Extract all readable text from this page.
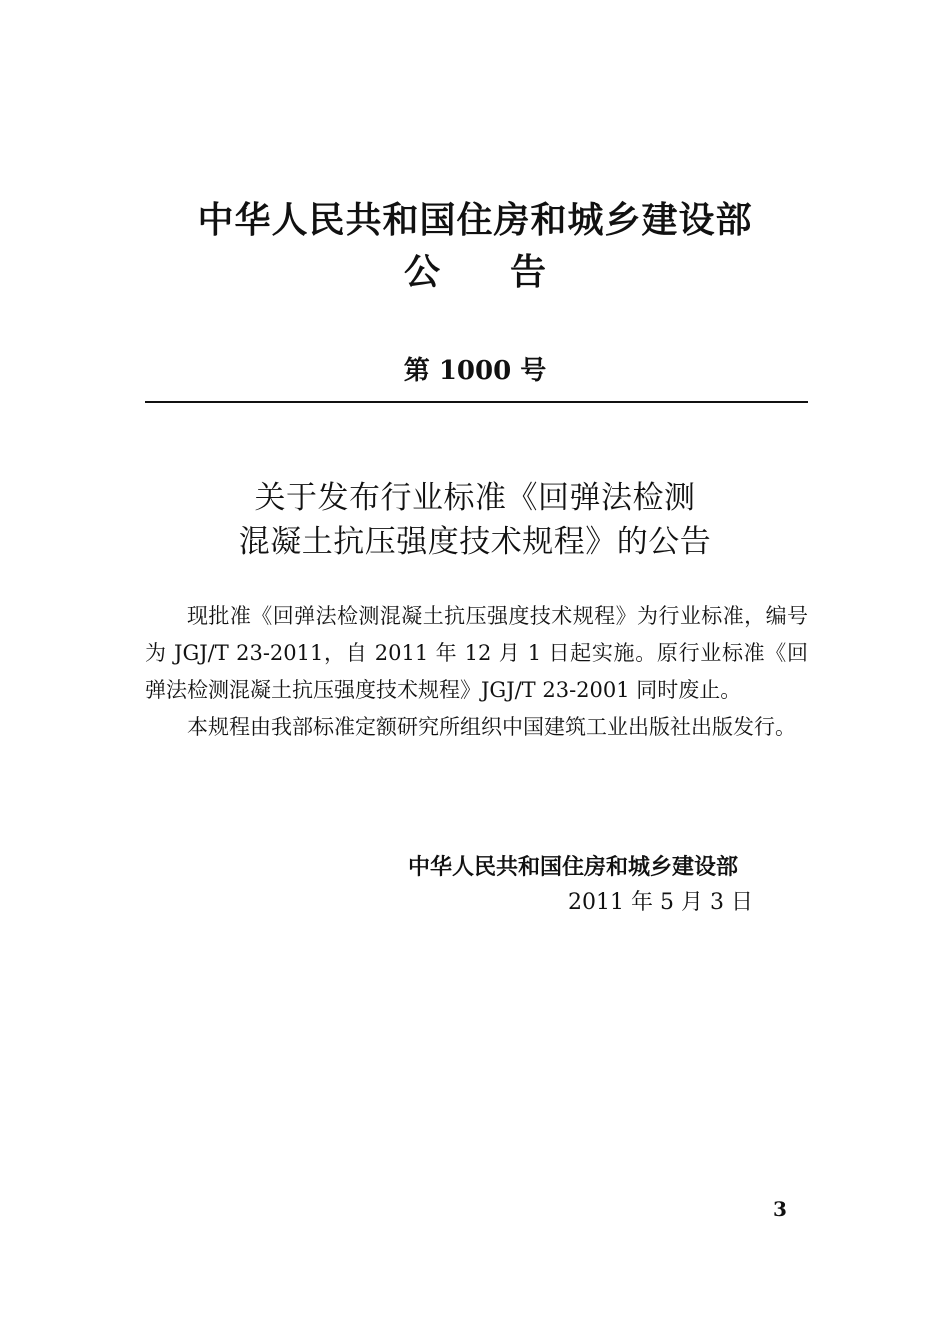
中华人民共和国住房和城乡建设部
公告
第 1000 号
关于发布行业标准《回弹法检测
混凝土抗压强度技术规程》的公告

现批准《回弹法检测混凝土抗压强度技术规程》为行业标准，编号为 JGJ/T 23-2011，自 2011 年 12 月 1 日起实施。原行业标准《回弹法检测混凝土抗压强度技术规程》JGJ/T 23-2001 同时废止。

本规程由我部标准定额研究所组织中国建筑工业出版社出版发行。

中华人民共和国住房和城乡建设部
2011 年 5 月 3 日
3
